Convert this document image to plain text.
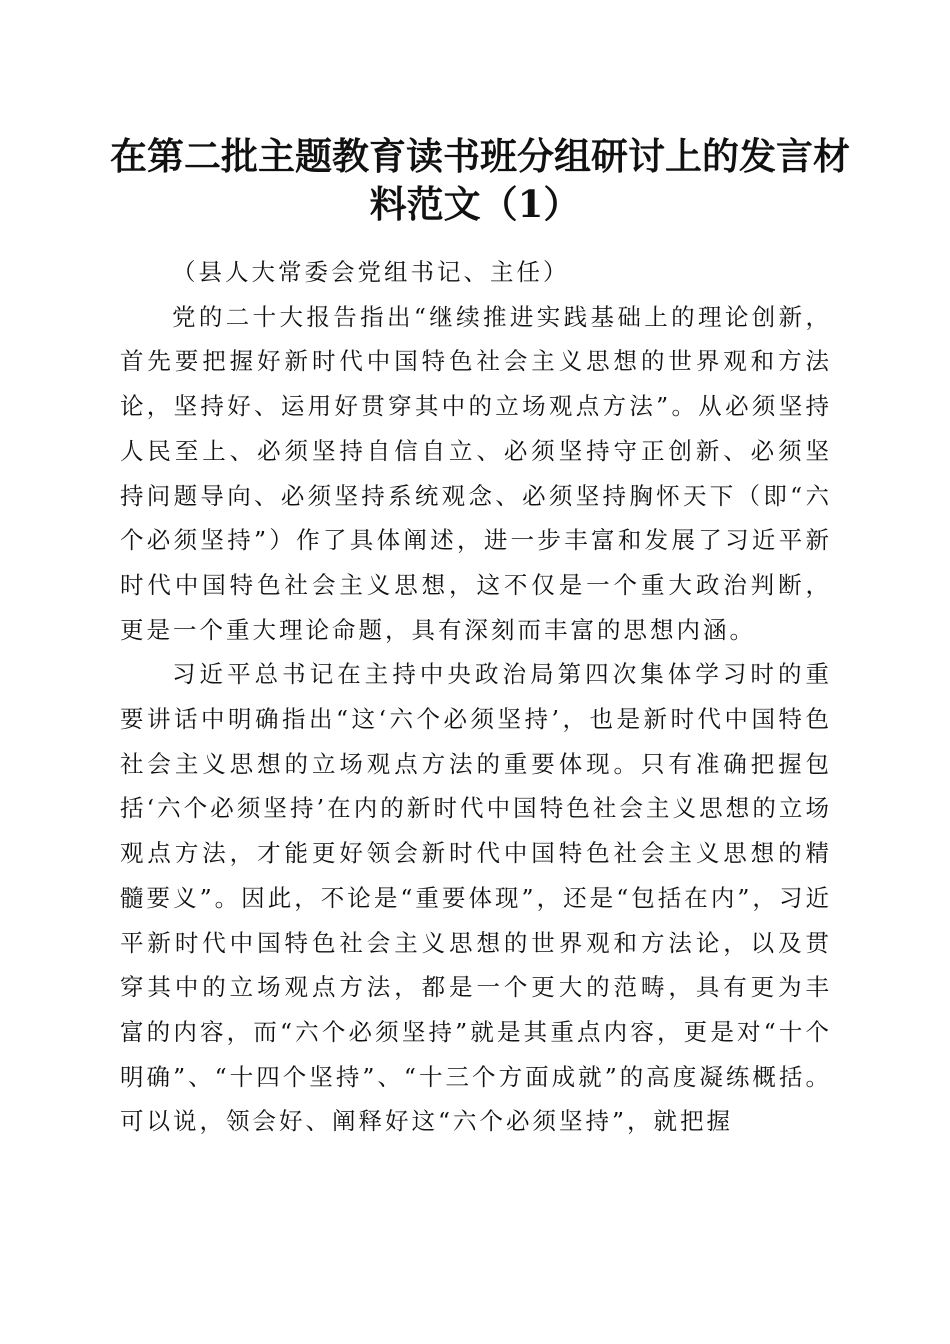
在第二批主题教育读书班分组研讨上的发言材
料范文（1）

（县人大常委会党组书记、主任）

党的二十大报告指出“继续推进实践基础上的理论创新，首先要把握好新时代中国特色社会主义思想的世界观和方法论，坚持好、运用好贯穿其中的立场观点方法”。从必须坚持人民至上、必须坚持自信自立、必须坚持守正创新、必须坚持问题导向、必须坚持系统观念、必须坚持胸怀天下（即“六个必须坚持”）作了具体阐述，进一步丰富和发展了习近平新时代中国特色社会主义思想，这不仅是一个重大政治判断，更是一个重大理论命题，具有深刻而丰富的思想内涵。

习近平总书记在主持中央政治局第四次集体学习时的重要讲话中明确指出“这‘六个必须坚持’，也是新时代中国特色社会主义思想的立场观点方法的重要体现。只有准确把握包括‘六个必须坚持’在内的新时代中国特色社会主义思想的立场观点方法，才能更好领会新时代中国特色社会主义思想的精髓要义”。因此，不论是“重要体现”，还是“包括在内”，习近平新时代中国特色社会主义思想的世界观和方法论，以及贯穿其中的立场观点方法，都是一个更大的范畴，具有更为丰富的内容，而“六个必须坚持”就是其重点内容，更是对“十个明确”、“十四个坚持”、“十三个方面成就”的高度凝练概括。可以说，领会好、阐释好这“六个必须坚持”，就把握
